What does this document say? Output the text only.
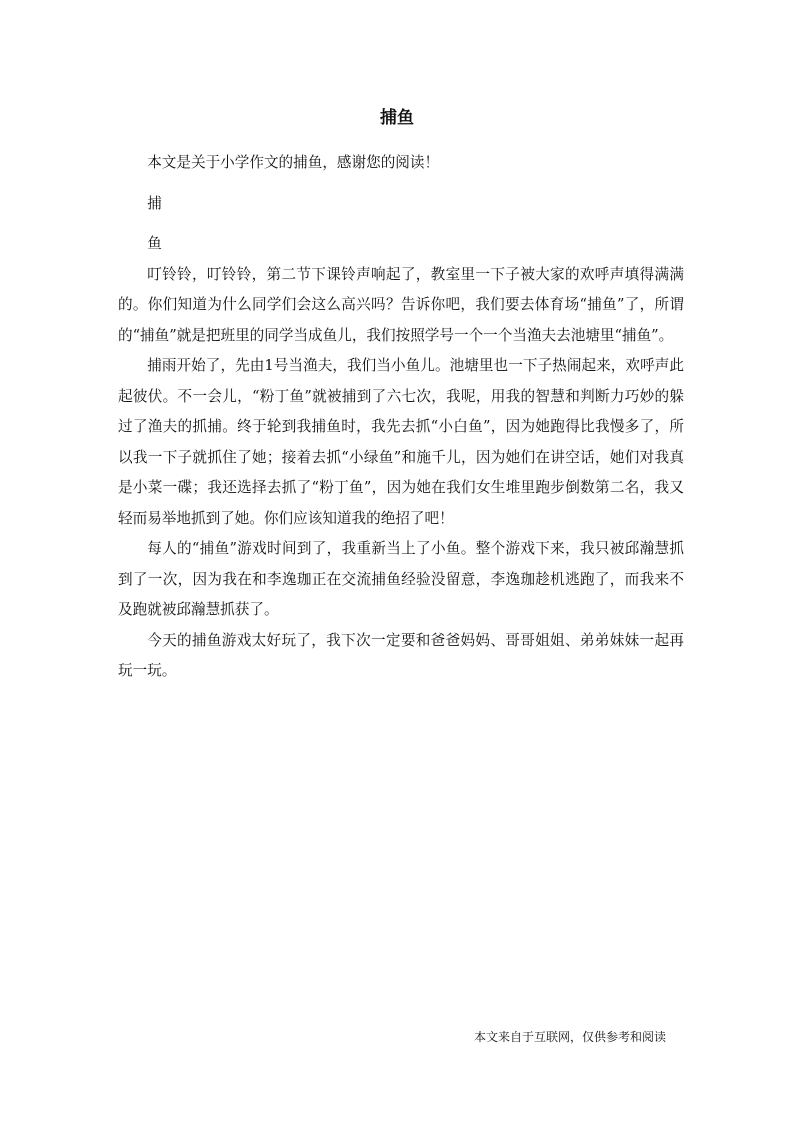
捕鱼

本文是关于小学作文的捕鱼，感谢您的阅读！

捕

鱼

叮铃铃，叮铃铃，第二节下课铃声响起了，教室里一下子被大家的欢呼声填得满满的。你们知道为什么同学们会这么高兴吗？告诉你吧，我们要去体育场“捕鱼”了，所谓的“捕鱼”就是把班里的同学当成鱼儿，我们按照学号一个一个当渔夫去池塘里“捕鱼”。

捕雨开始了，先由1号当渔夫，我们当小鱼儿。池塘里也一下子热闹起来，欢呼声此起彼伏。不一会儿，“粉丁鱼”就被捕到了六七次，我呢，用我的智慧和判断力巧妙的躲过了渔夫的抓捕。终于轮到我捕鱼时，我先去抓“小白鱼”，因为她跑得比我慢多了，所以我一下子就抓住了她；接着去抓“小绿鱼”和施千儿，因为她们在讲空话，她们对我真是小菜一碟；我还选择去抓了“粉丁鱼”，因为她在我们女生堆里跑步倒数第二名，我又轻而易举地抓到了她。你们应该知道我的绝招了吧！

每人的“捕鱼”游戏时间到了，我重新当上了小鱼。整个游戏下来，我只被邱瀚慧抓到了一次，因为我在和李逸珈正在交流捕鱼经验没留意，李逸珈趁机逃跑了，而我来不及跑就被邱瀚慧抓获了。

今天的捕鱼游戏太好玩了，我下次一定要和爸爸妈妈、哥哥姐姐、弟弟妹妹一起再玩一玩。

本文来自于互联网，仅供参考和阅读
